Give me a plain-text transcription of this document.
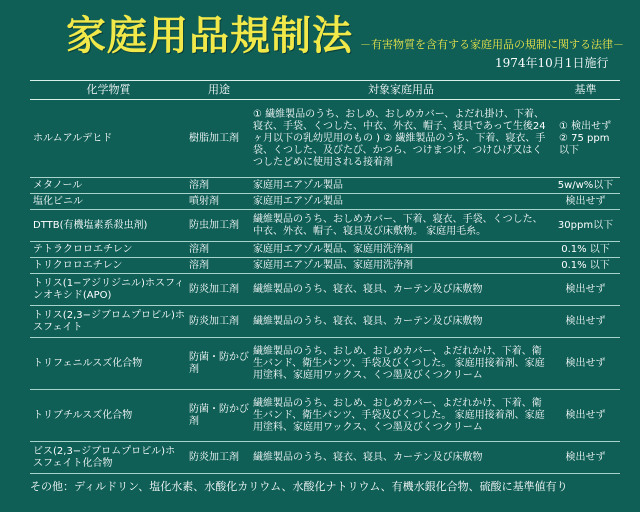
家庭用品規制法 －有害物質を含有する家庭用品の規制に関する法律－
1974年10月1日施行
化学物質	用途	対象家庭用品	基準
ホルムアルデヒド	樹脂加工剤	① 繊維製品のうち、おしめ、おしめカバー、よだれ掛け、下着、寝衣、手袋、くつした、中衣、外衣、帽子、寝具であって生後24ヶ月以下の乳幼児用のもの ) ② 繊維製品のうち、下着、寝衣、手袋、くつした、及びたび、かつら、つけまつげ、つけひげ又はくつしたどめに使用される接着剤	① 検出せず
② 75 ppm 以下
メタノール	溶剤	家庭用エアゾル製品	5w/w%以下
塩化ビニル	噴射剤	家庭用エアゾル製品	検出せず
DTTB(有機塩素系殺虫剤)	防虫加工剤	繊維製品のうち、おしめカバー、下着、寝衣、手袋、くつした、中衣、外衣、帽子、寝具及び床敷物。 家庭用毛糸。	30ppm以下
テトラクロロエチレン	溶剤	家庭用エアゾル製品、家庭用洗浄剤	0.1% 以下
トリクロロエチレン	溶剤	家庭用エアゾル製品、家庭用洗浄剤	0.1% 以下
トリス(1−アジリジニル)ホスフィンオキシド(APO)	防炎加工剤	繊維製品のうち、寝衣、寝具、カーテン及び床敷物	検出せず
トリス(2,3−ジブロムプロピル)ホスフェイト	防炎加工剤	繊維製品のうち、寝衣、寝具、カーテン及び床敷物	検出せず
トリフェニルスズ化合物	防菌・防かび剤	繊維製品のうち、おしめ、おしめカバー、よだれかけ、下着、衛生バンド、衛生パンツ、手袋及びくつした。 家庭用接着剤、家庭用塗料、家庭用ワックス、くつ墨及びくつクリーム	検出せず
トリブチルスズ化合物	防菌・防かび剤	繊維製品のうち、おしめ、おしめカバー、よだれかけ、下着、衛生バンド、衛生パンツ、手袋及びくつした。 家庭用接着剤、家庭用塗料、家庭用ワックス、くつ墨及びくつクリーム	検出せず
ビス(2,3−ジブロムプロピル)ホスフェイト化合物	防炎加工剤	繊維製品のうち、寝衣、寝具、カーテン及び床敷物	検出せず
その他：ディルドリン、塩化水素、水酸化カリウム、水酸化ナトリウム、有機水銀化合物、硫酸に基準値有り
